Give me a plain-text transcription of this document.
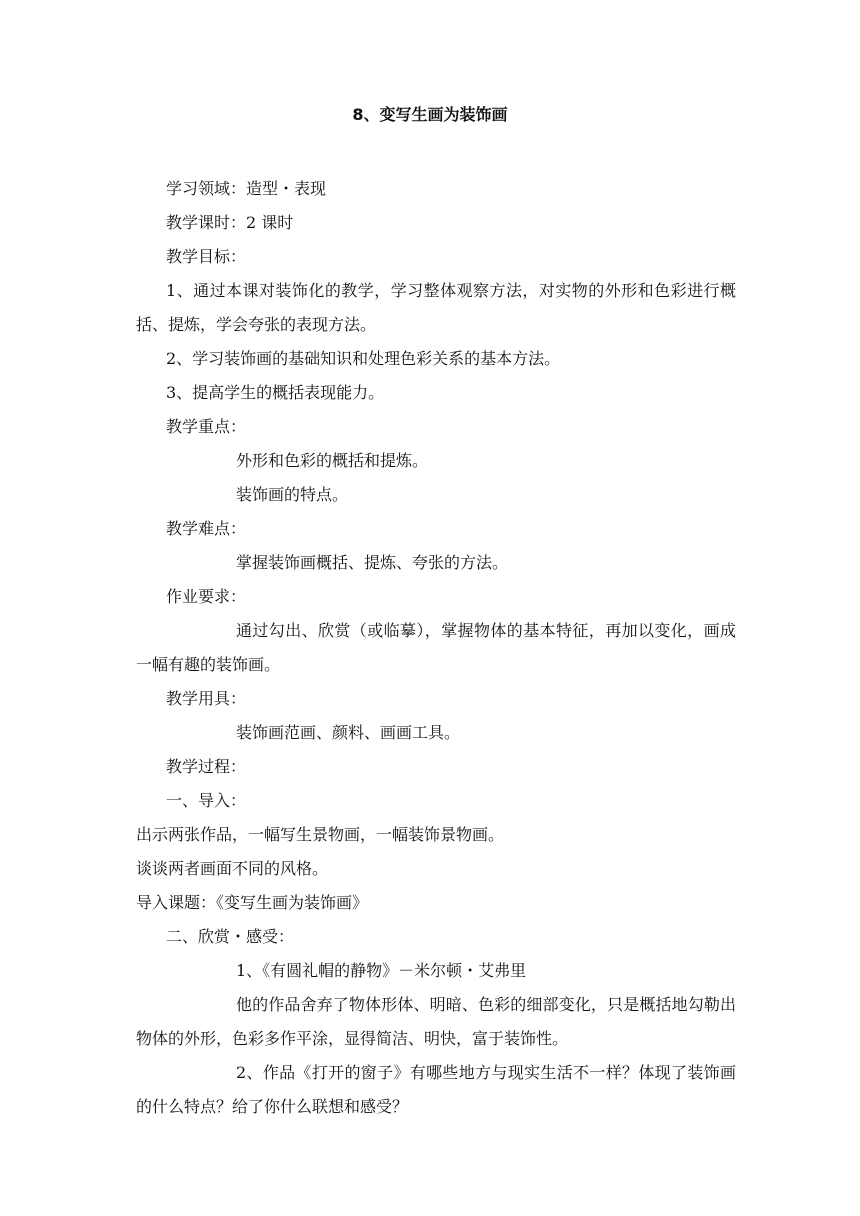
8、变写生画为装饰画

学习领域：造型・表现

教学课时：2 课时

教学目标：

1、通过本课对装饰化的教学，学习整体观察方法，对实物的外形和色彩进行概括、提炼，学会夸张的表现方法。

2、学习装饰画的基础知识和处理色彩关系的基本方法。

3、提高学生的概括表现能力。

教学重点：

外形和色彩的概括和提炼。

装饰画的特点。

教学难点：

掌握装饰画概括、提炼、夸张的方法。

作业要求：

通过勾出、欣赏（或临摹），掌握物体的基本特征，再加以变化，画成一幅有趣的装饰画。

教学用具：

装饰画范画、颜料、画画工具。

教学过程：

一、导入：

出示两张作品，一幅写生景物画，一幅装饰景物画。

谈谈两者画面不同的风格。

导入课题：《变写生画为装饰画》

二、欣赏・感受：

1、《有圆礼帽的静物》－米尔顿・艾弗里

他的作品舍弃了物体形体、明暗、色彩的细部变化，只是概括地勾勒出物体的外形，色彩多作平涂，显得简洁、明快，富于装饰性。

2、作品《打开的窗子》有哪些地方与现实生活不一样？体现了装饰画的什么特点？给了你什么联想和感受？
